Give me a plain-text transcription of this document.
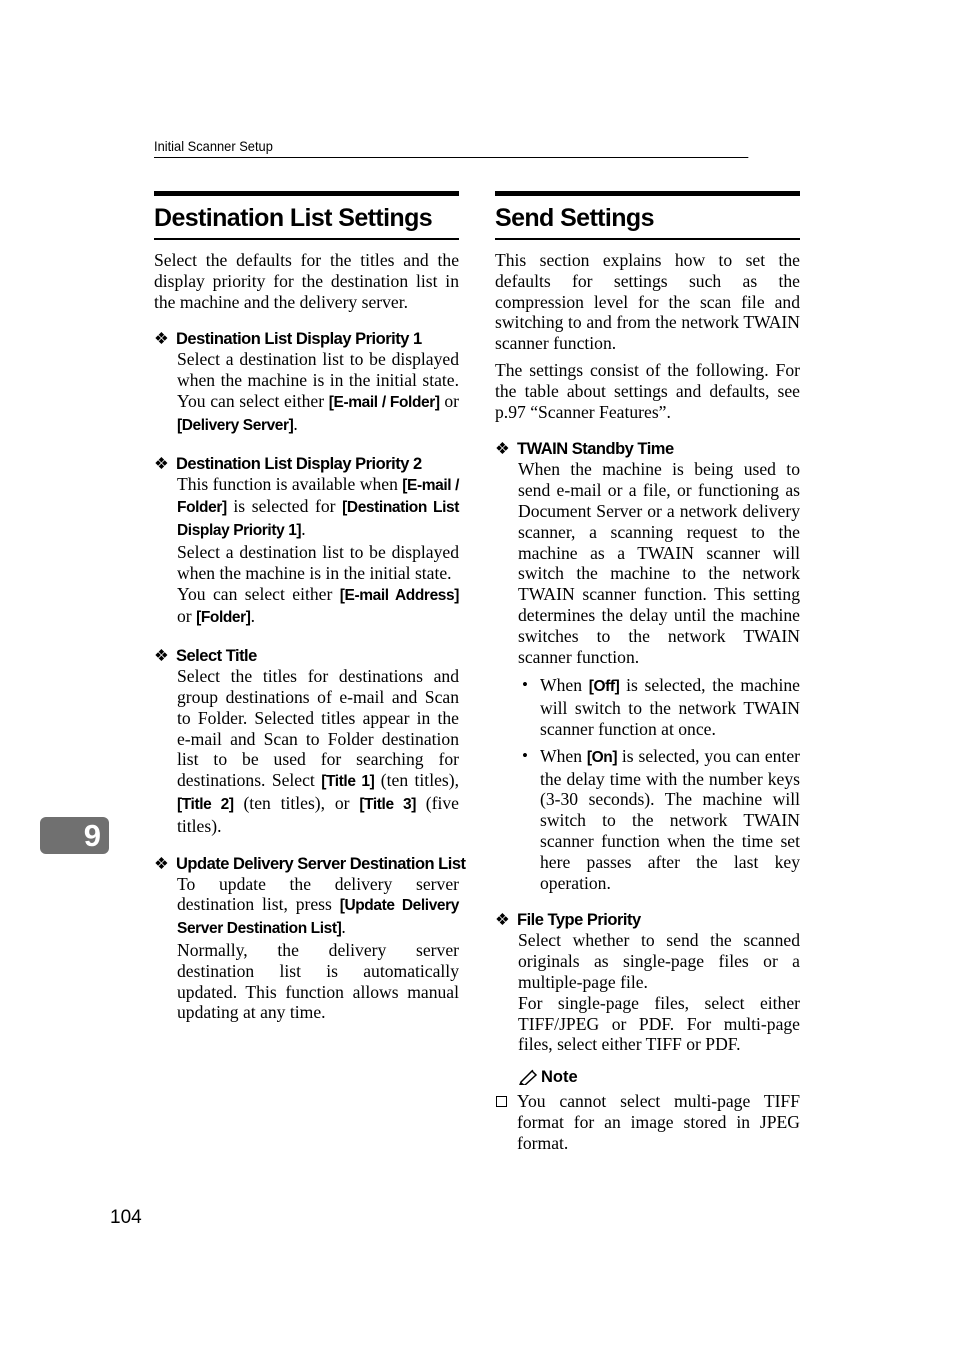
Initial Scanner Setup
Destination List Settings

Select the defaults for the titles and the display priority for the destination list in the machine and the delivery server.

❖ Destination List Display Priority 1

Select a destination list to be displayed when the machine is in the initial state. You can select either [E-mail / Folder] or [Delivery Server].

❖ Destination List Display Priority 2

This function is available when [E-mail / Folder] is selected for [Destination List Display Priority 1].
Select a destination list to be displayed when the machine is in the initial state.
You can select either [E-mail Address] or [Folder].

❖ Select Title

Select the titles for destinations and group destinations of e-mail and Scan to Folder. Selected titles appear in the e-mail and Scan to Folder destination list to be used for searching for destinations. Select [Title 1] (ten titles), [Title 2] (ten titles), or [Title 3] (five titles).

❖ Update Delivery Server Destination List

To update the delivery server destination list, press [Update Delivery Server Destination List].
Normally, the delivery server destination list is automatically updated. This function allows manual updating at any time.

Send Settings

This section explains how to set the defaults for settings such as the compression level for the scan file and switching to and from the network TWAIN scanner function.

The settings consist of the following. For the table about settings and defaults, see p.97 “Scanner Features”.

❖ TWAIN Standby Time

When the machine is being used to send e-mail or a file, or functioning as Document Server or a network delivery scanner, a scanning request to the machine as a TWAIN scanner will switch the machine to the network TWAIN scanner function. This setting determines the delay until the machine switches to the network TWAIN scanner function.

• When [Off] is selected, the machine will switch to the network TWAIN scanner function at once.

• When [On] is selected, you can enter the delay time with the number keys (3-30 seconds). The machine will switch to the network TWAIN scanner function when the time set here passes after the last key operation.

❖ File Type Priority

Select whether to send the scanned originals as single-page files or a multiple-page file.
For single-page files, select either TIFF/JPEG or PDF. For multi-page files, select either TIFF or PDF.

Note

You cannot select multi-page TIFF format for an image stored in JPEG format.

9
104
